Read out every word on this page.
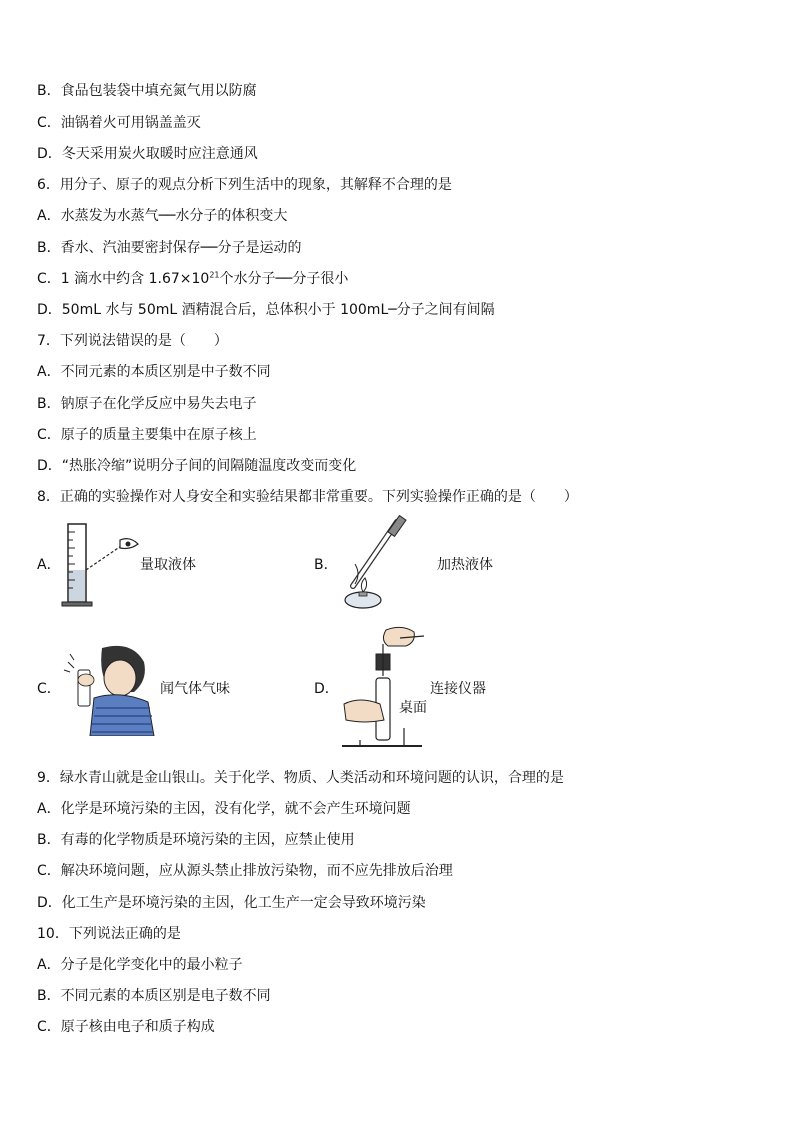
B．食品包装袋中填充氮气用以防腐
C．油锅着火可用锅盖盖灭
D．冬天采用炭火取暖时应注意通风
6．用分子、原子的观点分析下列生活中的现象，其解释不合理的是
A．水蒸发为水蒸气──水分子的体积变大
B．香水、汽油要密封保存──分子是运动的
C．1 滴水中约含 $1.67\times 10^{21}$个水分子──分子很小
D．50mL 水与 50mL 酒精混合后，总体积小于 100mL─分子之间有间隔
7．下列说法错误的是（　　）
A．不同元素的本质区别是中子数不同
B．钠原子在化学反应中易失去电子
C．原子的质量主要集中在原子核上
D．“热胀冷缩”说明分子间的间隔随温度改变而变化
8．正确的实验操作对人身安全和实验结果都非常重要。下列实验操作正确的是（　　）
A．	量取液体	B．	加热液体
C．	闻气体气味	D．	连接仪器
桌面
9．绿水青山就是金山银山。关于化学、物质、人类活动和环境问题的认识，合理的是
A．化学是环境污染的主因，没有化学，就不会产生环境问题
B．有毒的化学物质是环境污染的主因，应禁止使用
C．解决环境问题，应从源头禁止排放污染物，而不应先排放后治理
D．化工生产是环境污染的主因，化工生产一定会导致环境污染
10．下列说法正确的是
A．分子是化学变化中的最小粒子
B．不同元素的本质区别是电子数不同
C．原子核由电子和质子构成
